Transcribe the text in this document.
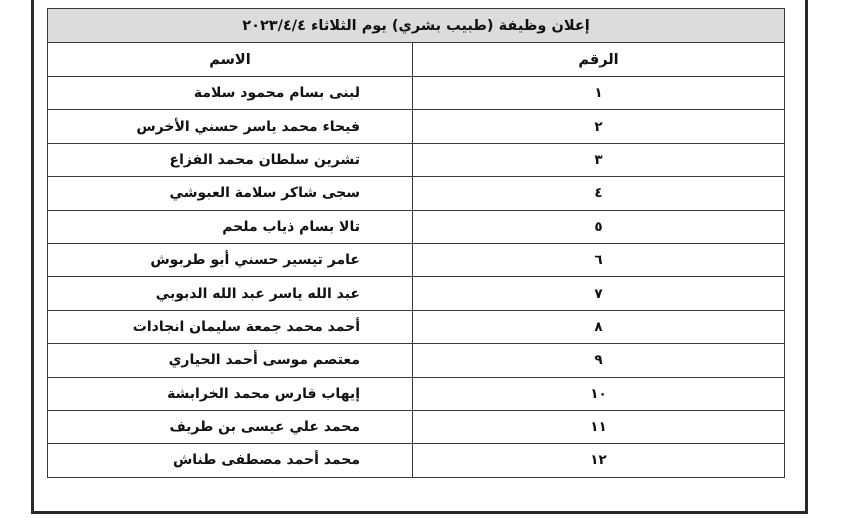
إعلان وظيفة (طبيب بشري) يوم الثلاثاء ٢٠٢٣/٤/٤	
الرقم	الاسم
١	لبنى بسام محمود سلامة
٢	فيحاء محمد ياسر حسني الأخرس
٣	تشرين سلطان محمد الفزاع
٤	سجى شاكر سلامة العبوشي
٥	تالا بسام ذياب ملحم
٦	عامر تيسير حسني أبو طربوش
٧	عبد الله ياسر عبد الله الدبوبي
٨	أحمد محمد جمعة سليمان انجادات
٩	معتصم موسى أحمد الحياري
١٠	إيهاب فارس محمد الخرابشة
١١	محمد علي عيسى بن طريف
١٢	محمد أحمد مصطفى طناش
